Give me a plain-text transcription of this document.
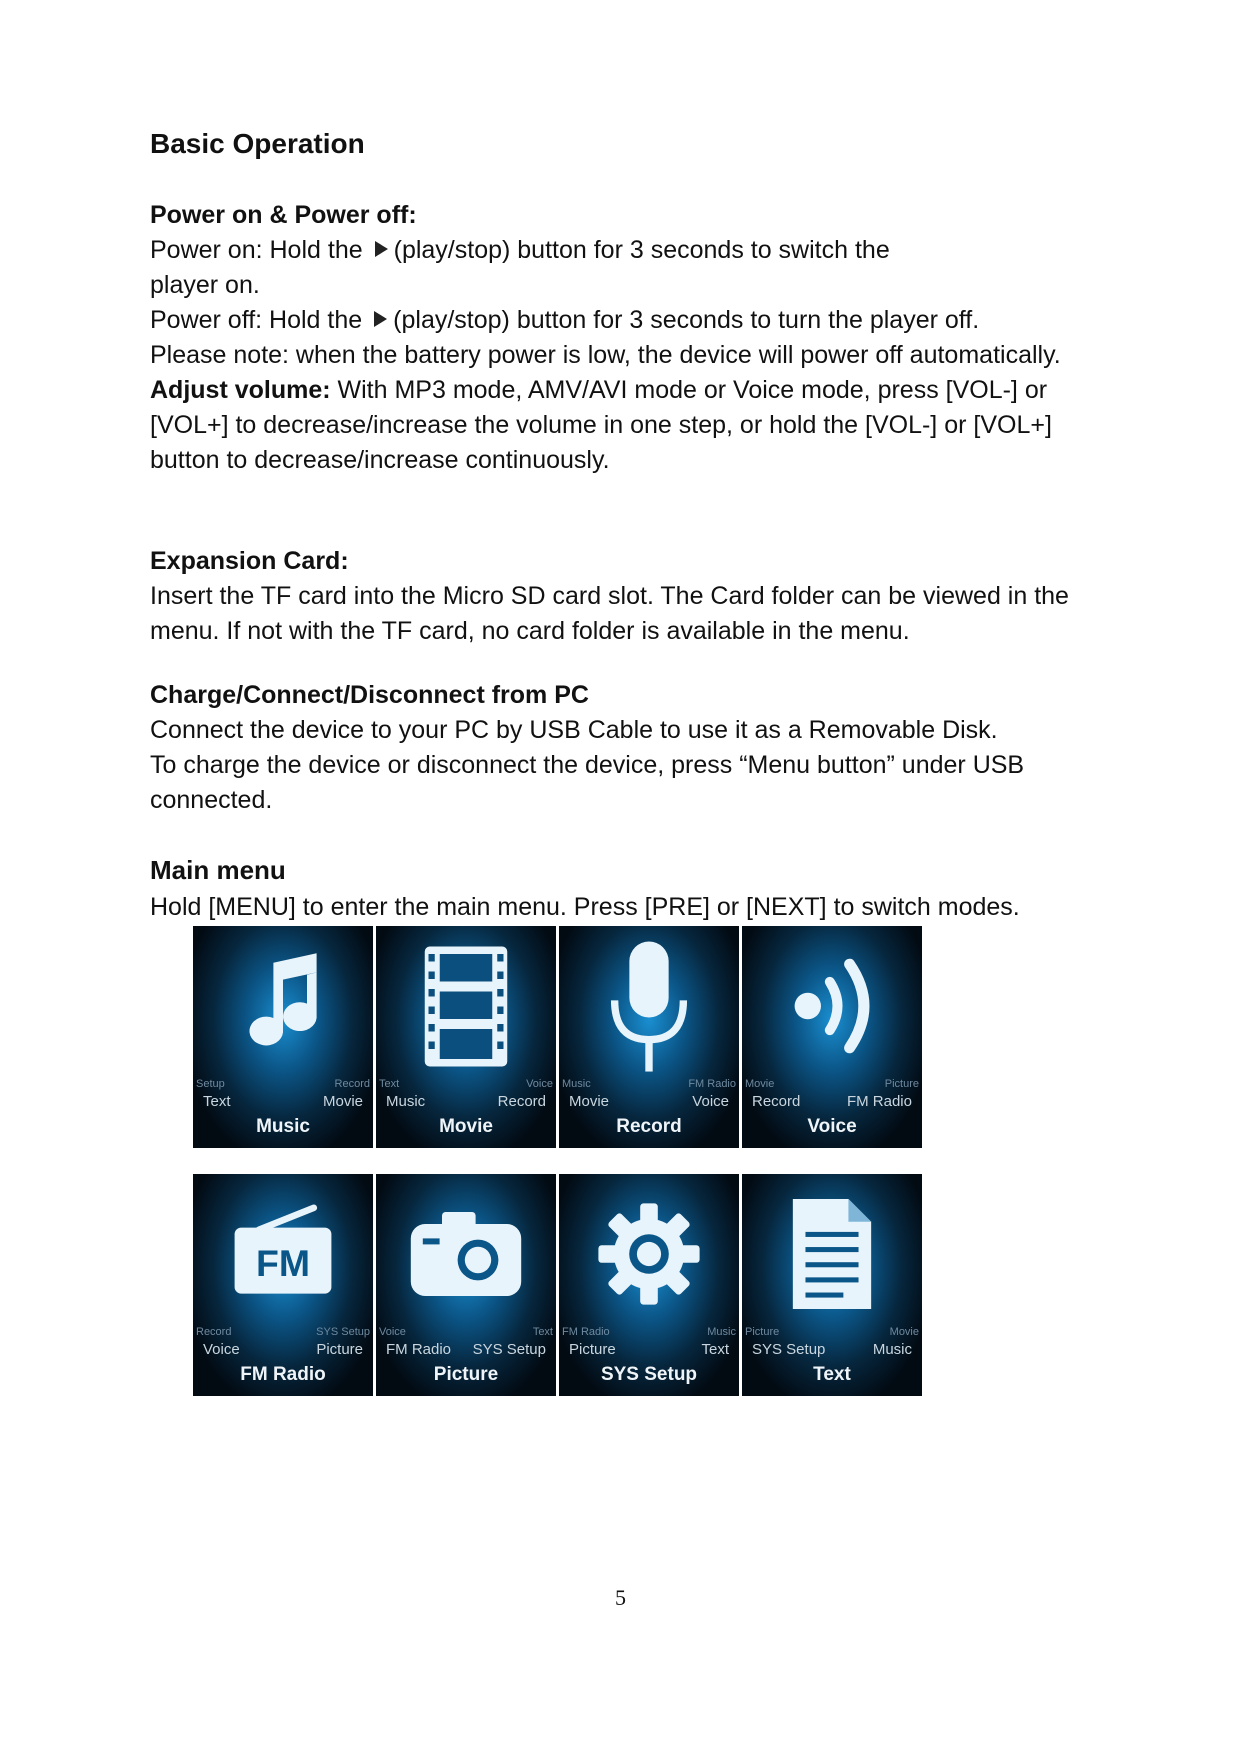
Basic Operation

Power on & Power off:

Power on: Hold the (play/stop) button for 3 seconds to switch the

player on.

Power off: Hold the (play/stop) button for 3 seconds to turn the player off.

Please note: when the battery power is low, the device will power off automatically.

Adjust volume: With MP3 mode, AMV/AVI mode or Voice mode, press [VOL-] or [VOL+] to decrease/increase the volume in one step, or hold the [VOL-] or [VOL+] button to decrease/increase continuously.

Expansion Card:

Insert the TF card into the Micro SD card slot. The Card folder can be viewed in the menu. If not with the TF card, no card folder is available in the menu.

Charge/Connect/Disconnect from PC

Connect the device to your PC by USB Cable to use it as a Removable Disk.

To charge the device or disconnect the device, press “Menu button” under USB connected.

Main menu
Hold [MENU] to enter the main menu. Press [PRE] or [NEXT] to switch modes.
Setup	Record
Text	Movie
Music
Text	Voice
Music	Record
Movie
Music	FM Radio
Movie	Voice
Record
Movie	Picture
Record	FM Radio
Voice
FM
Record	SYS Setup
Voice	Picture
FM Radio
Voice	Text
FM Radio SYS Setup
Picture
FM Radio	Music
Picture	Text
SYS Setup
Picture	Movie
SYS Setup	Music
Text
5
